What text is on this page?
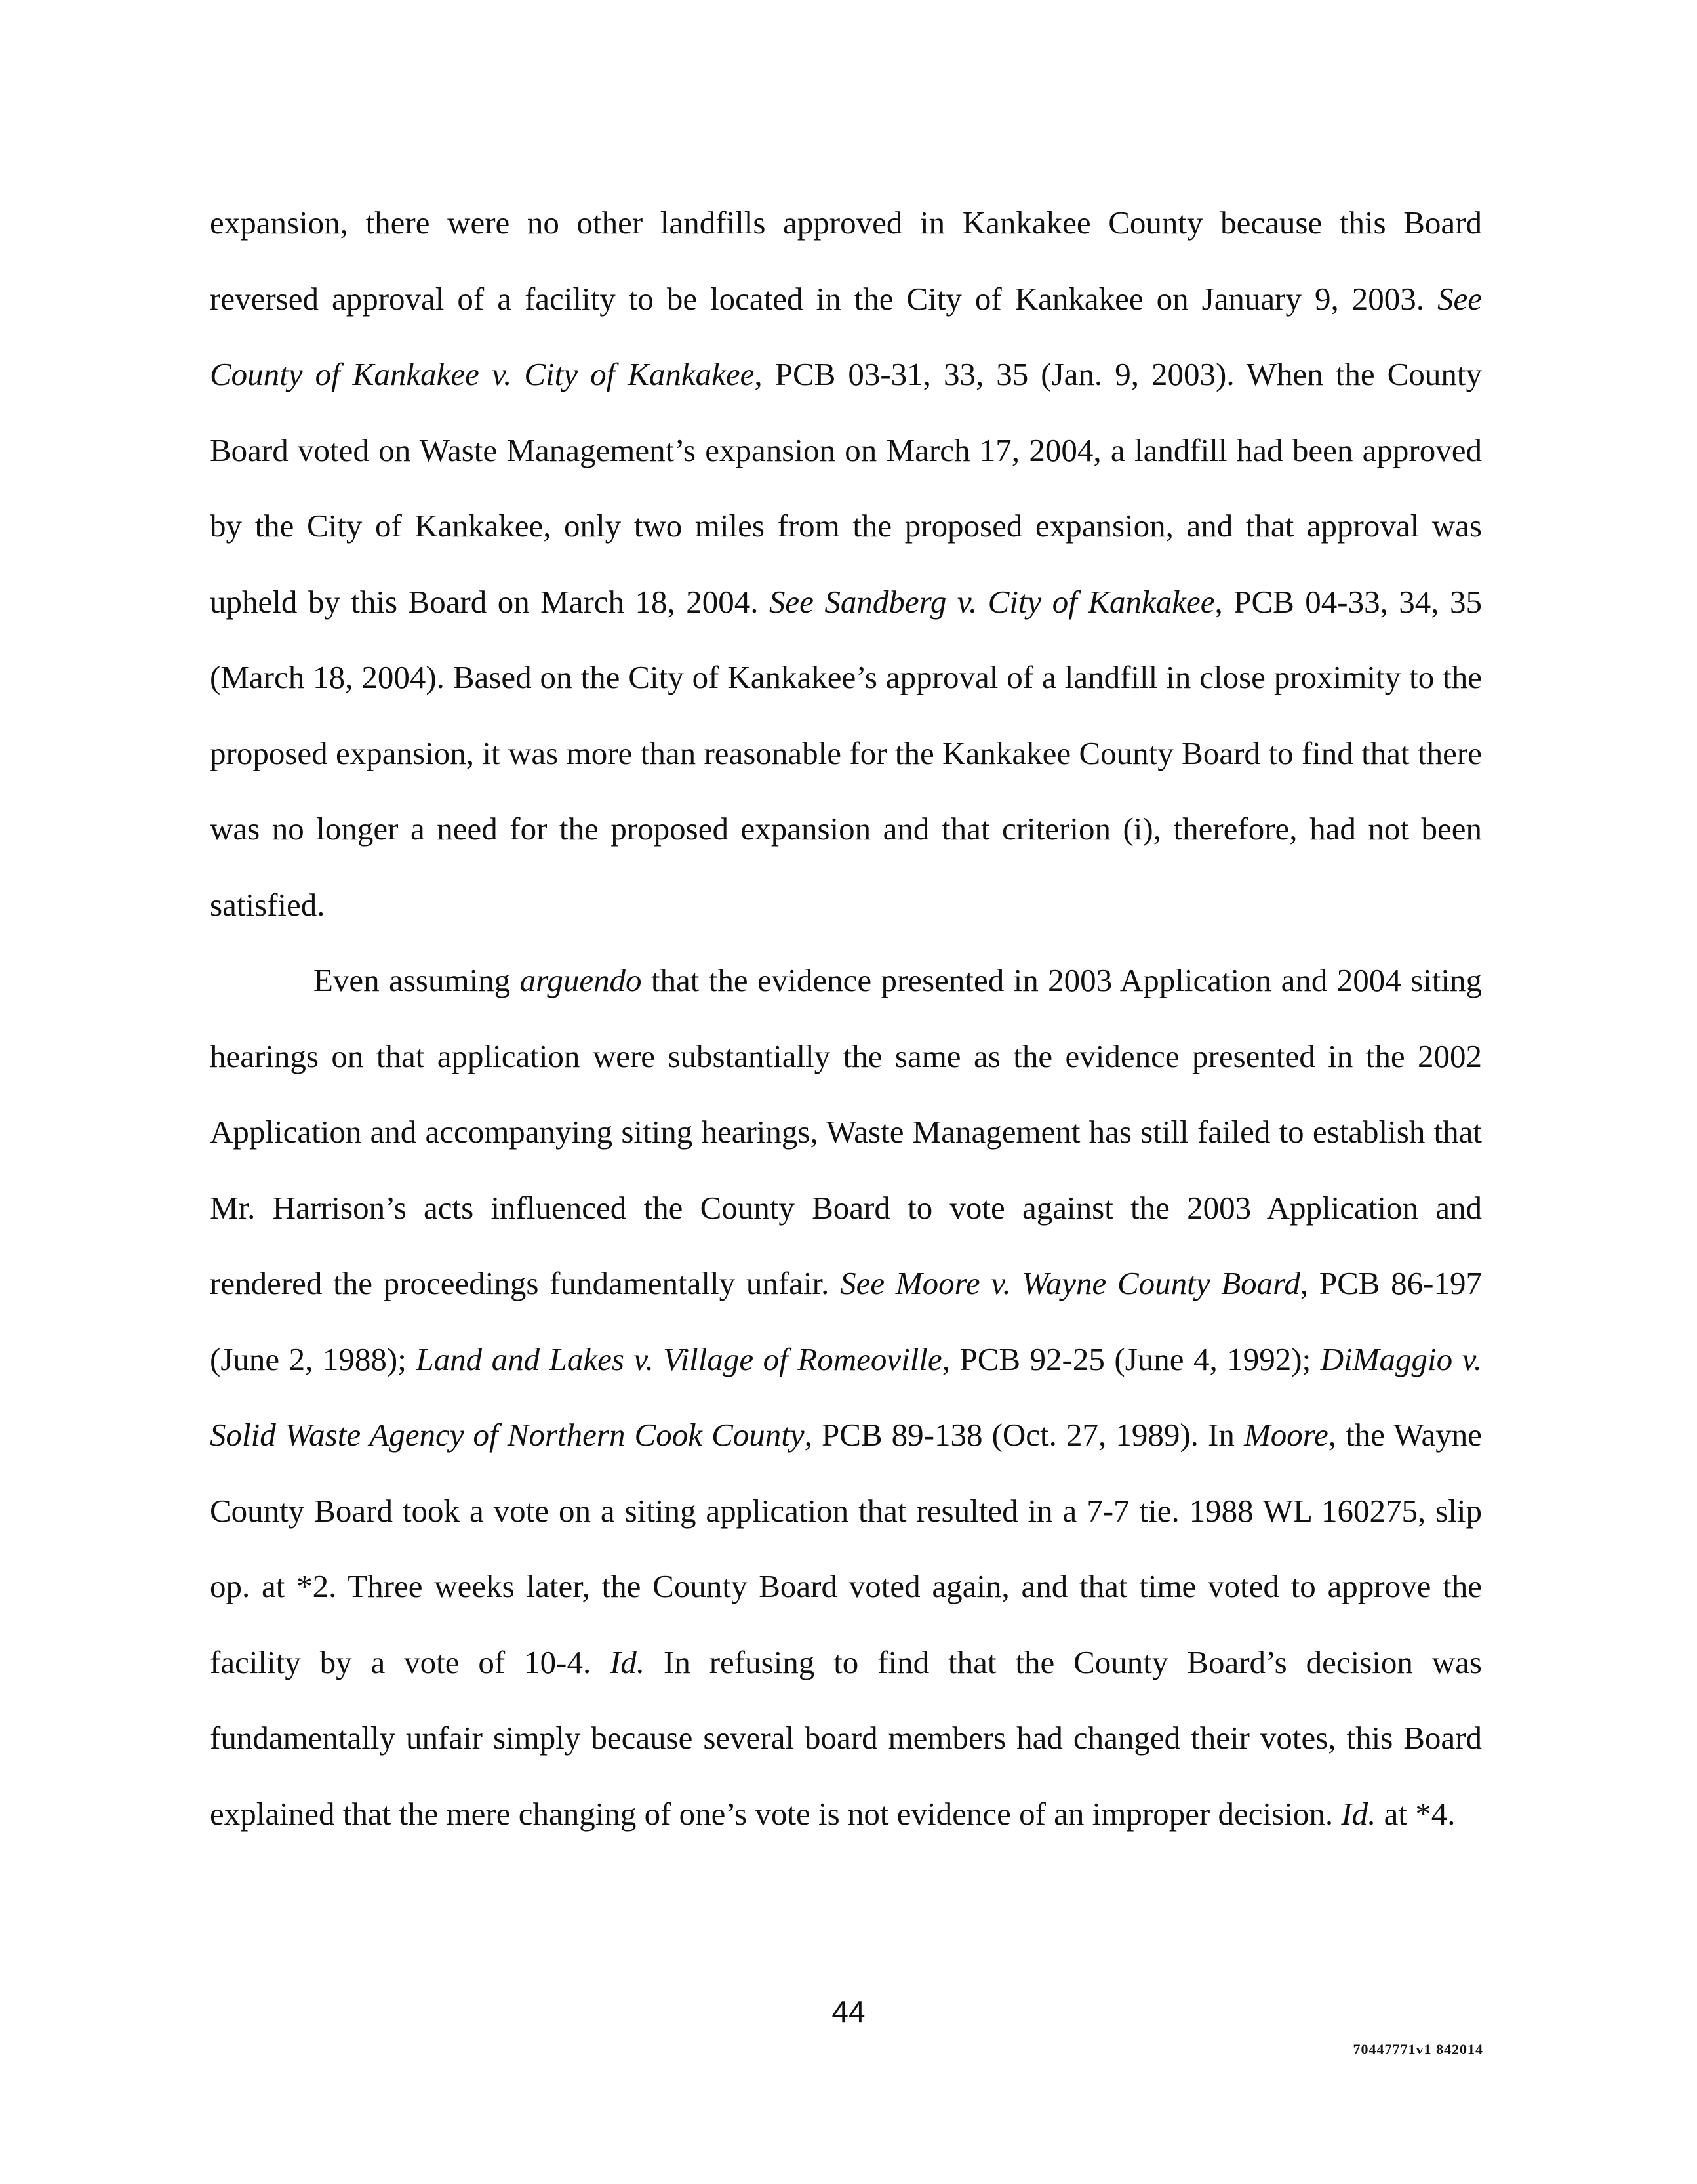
expansion, there were no other landfills approved in Kankakee County because this Board reversed approval of a facility to be located in the City of Kankakee on January 9, 2003. See County of Kankakee v. City of Kankakee, PCB 03-31, 33, 35 (Jan. 9, 2003). When the County Board voted on Waste Management’s expansion on March 17, 2004, a landfill had been approved by the City of Kankakee, only two miles from the proposed expansion, and that approval was upheld by this Board on March 18, 2004. See Sandberg v. City of Kankakee, PCB 04-33, 34, 35 (March 18, 2004). Based on the City of Kankakee’s approval of a landfill in close proximity to the proposed expansion, it was more than reasonable for the Kankakee County Board to find that there was no longer a need for the proposed expansion and that criterion (i), therefore, had not been satisfied.

Even assuming arguendo that the evidence presented in 2003 Application and 2004 siting hearings on that application were substantially the same as the evidence presented in the 2002 Application and accompanying siting hearings, Waste Management has still failed to establish that Mr. Harrison’s acts influenced the County Board to vote against the 2003 Application and rendered the proceedings fundamentally unfair. See Moore v. Wayne County Board, PCB 86-197 (June 2, 1988); Land and Lakes v. Village of Romeoville, PCB 92-25 (June 4, 1992); DiMaggio v. Solid Waste Agency of Northern Cook County, PCB 89-138 (Oct. 27, 1989). In Moore, the Wayne County Board took a vote on a siting application that resulted in a 7-7 tie. 1988 WL 160275, slip op. at *2. Three weeks later, the County Board voted again, and that time voted to approve the facility by a vote of 10-4. Id. In refusing to find that the County Board’s decision was fundamentally unfair simply because several board members had changed their votes, this Board explained that the mere changing of one’s vote is not evidence of an improper decision. Id. at *4.

44
70447771v1 842014
